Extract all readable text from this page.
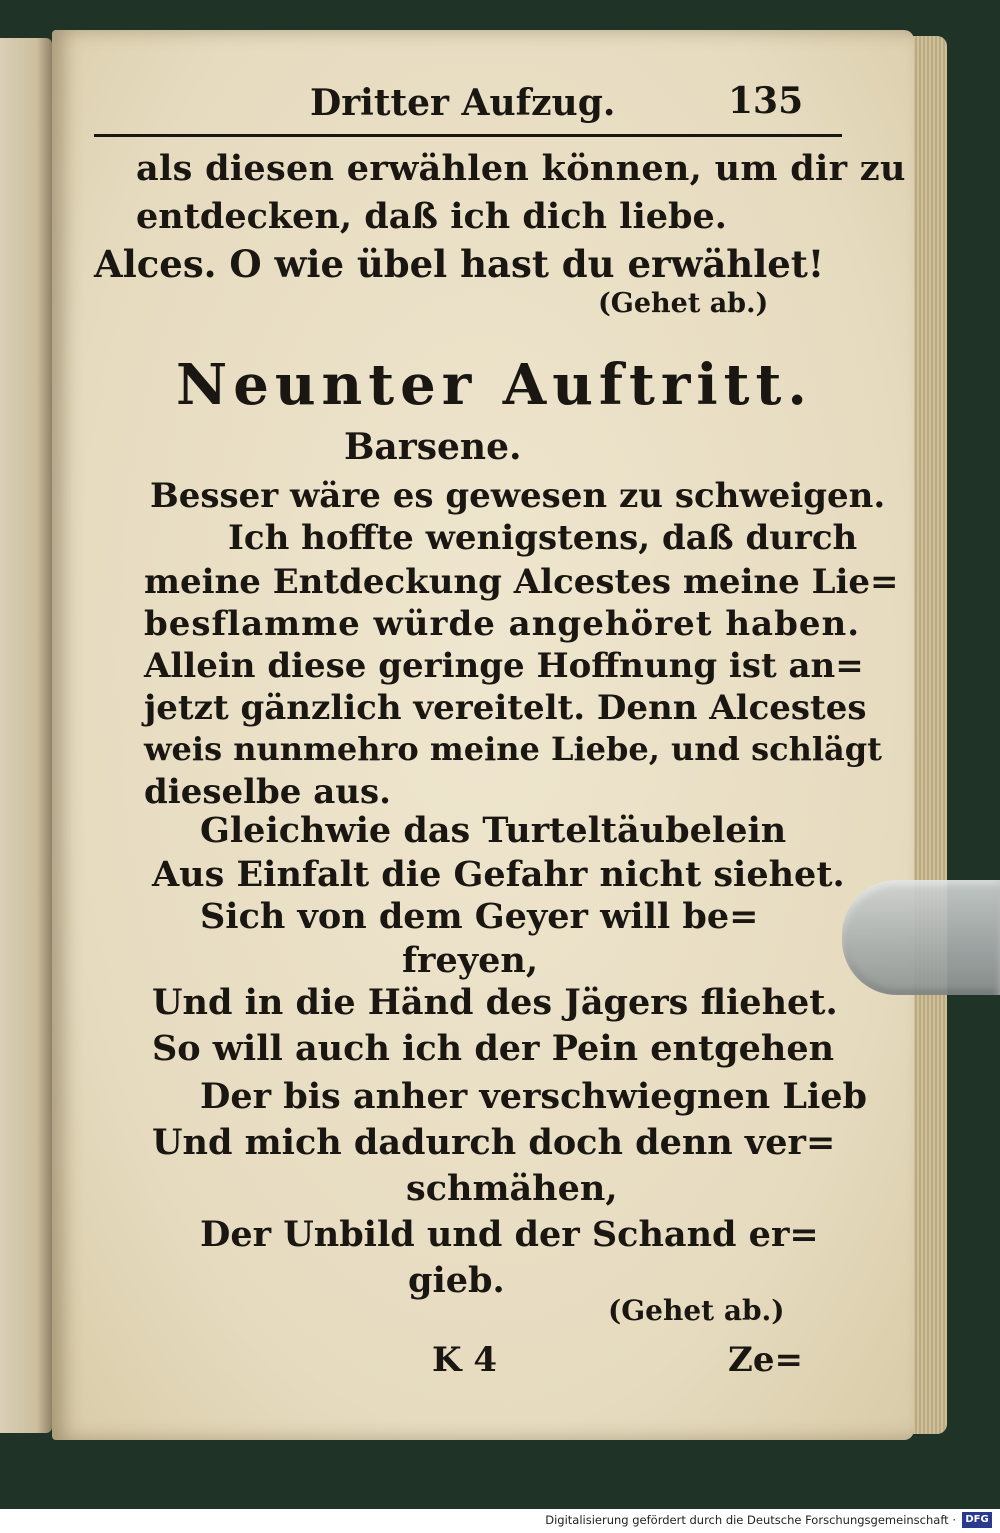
Dritter Aufzug.	135
als diesen erwählen können, um dir zu
entdecken, daß ich dich liebe.
Alces. O wie übel hast du erwählet!
(Gehet ab.)
Neunter Auftritt.
Barsene.
Besser wäre es gewesen zu schweigen.
Ich hoffte wenigstens, daß durch
meine Entdeckung Alcestes meine Lie=
besflamme würde angehöret haben.
Allein diese geringe Hoffnung ist an=
jetzt gänzlich vereitelt. Denn Alcestes
weis nunmehro meine Liebe, und schlägt
dieselbe aus.
Gleichwie das Turteltäubelein
Aus Einfalt die Gefahr nicht siehet.
Sich von dem Geyer will be=
freyen,
Und in die Händ des Jägers fliehet.
So will auch ich der Pein entgehen
Der bis anher verschwiegnen Lieb
Und mich dadurch doch denn ver=
schmähen,
Der Unbild und der Schand er=
gieb.
(Gehet ab.)
K 4	Ze=
Digitalisierung gefördert durch die Deutsche Forschungsgemeinschaft · DFG
